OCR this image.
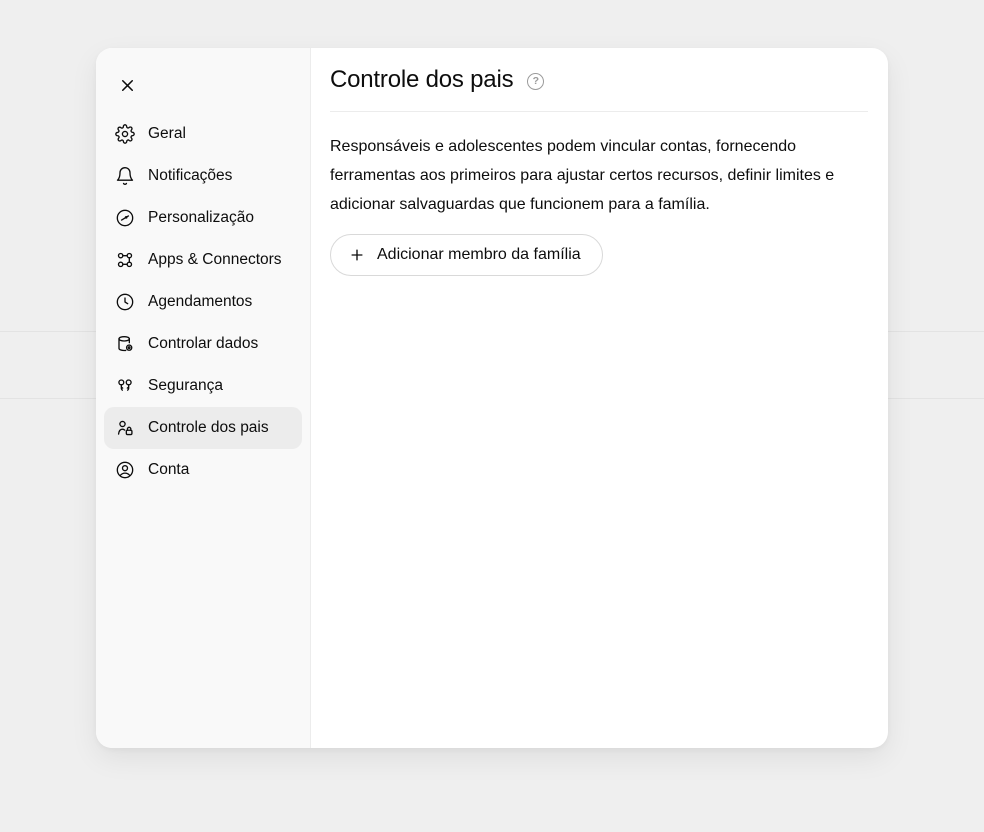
Geral
Notificações
Personalização
Apps & Connectors
Agendamentos
Controlar dados
Segurança
Controle dos pais
Conta
Controle dos pais	?

Responsáveis e adolescentes podem vincular contas, fornecendo ferramentas aos primeiros para ajustar certos recursos, definir limites e adicionar salvaguardas que funcionem para a família.

Adicionar membro da família
